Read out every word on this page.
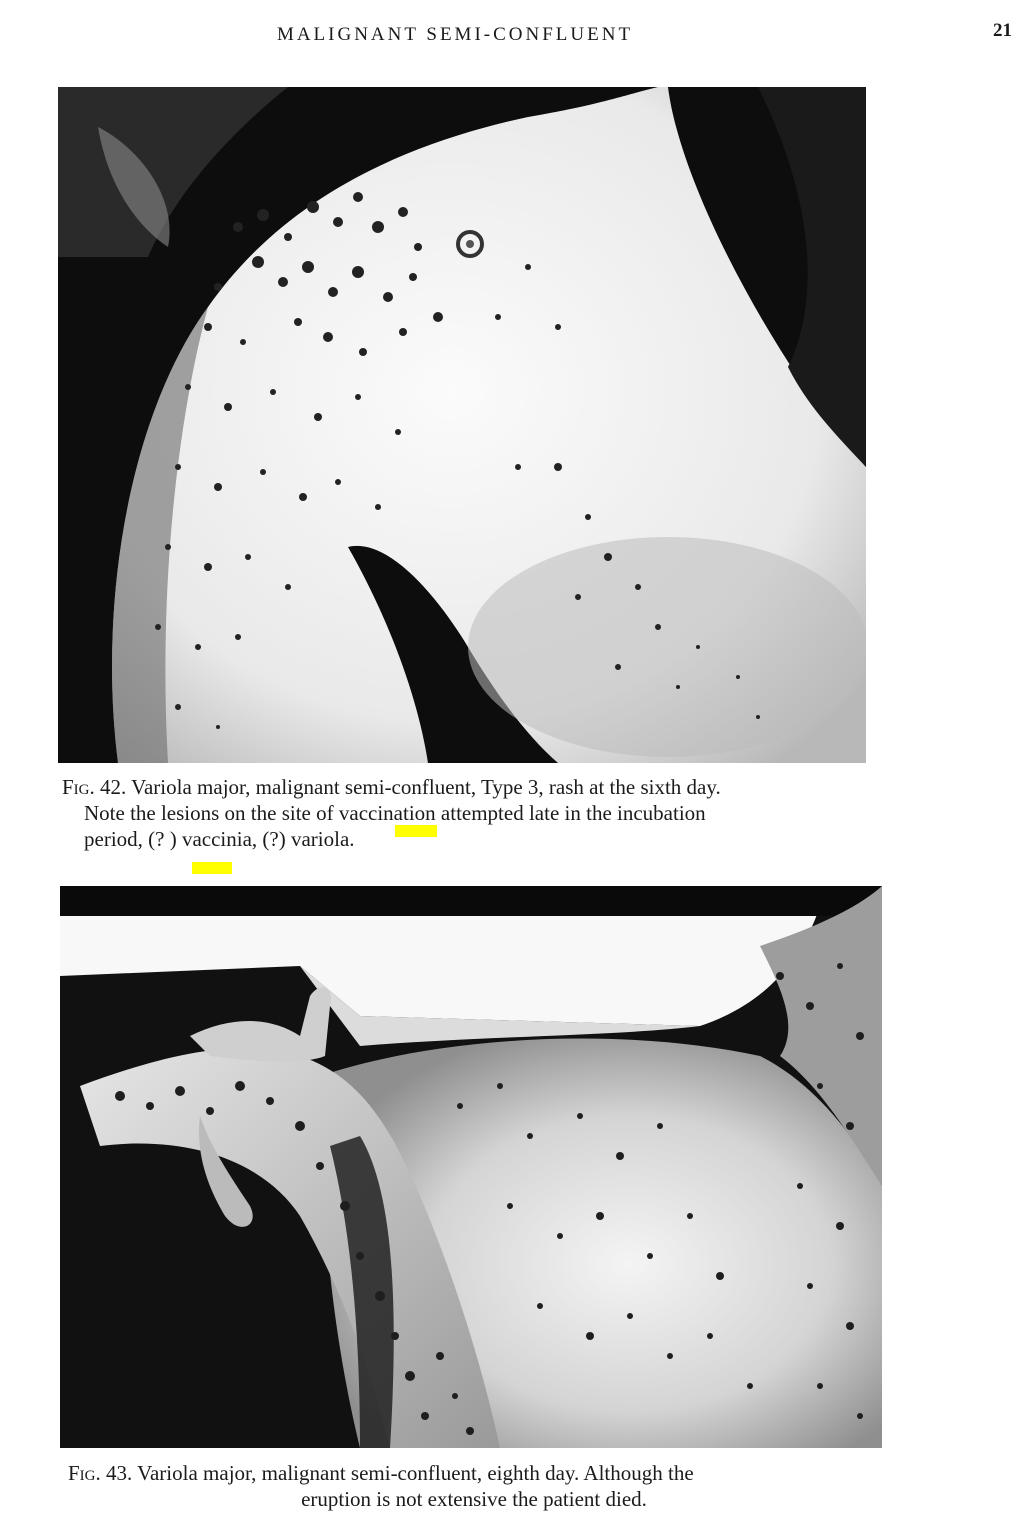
MALIGNANT SEMI-CONFLUENT	21
Fig. 42. Variola major, malignant semi-confluent, Type 3, rash at the sixth day.
Note the lesions on the site of vaccination attempted late in the incubation
period, (? ) vaccinia, (?) variola.
Fig. 43. Variola major, malignant semi-confluent, eighth day. Although the
eruption is not extensive the patient died.
